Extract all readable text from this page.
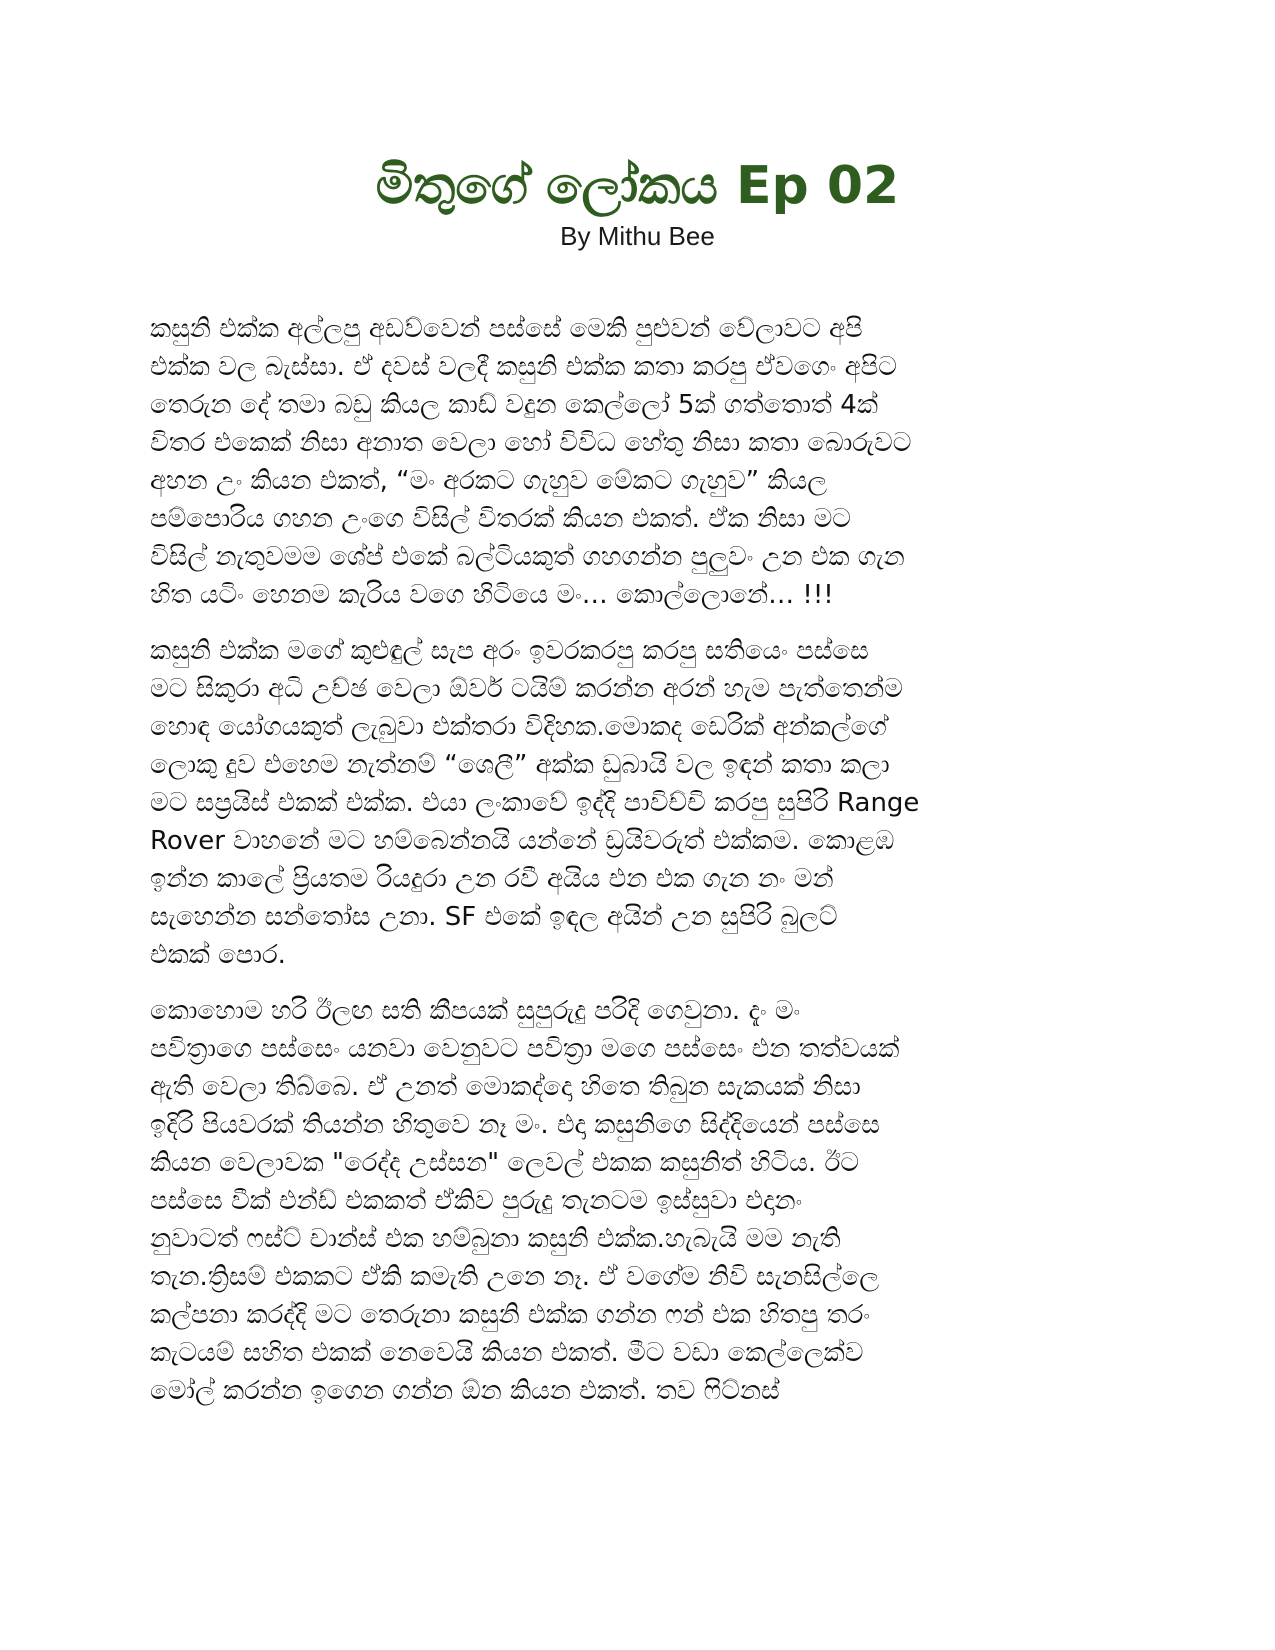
මිතුගේ ලෝකය Ep 02
By Mithu Bee
කසුනි එක්ක අල්ලපු අඩව්වෙන් පස්සේ මෙකි පුළුවන් වේලාවට අපි
එක්ක වල බැස්සා. ඒ දවස් වලදී කසුනි එක්ක කතා කරපු ඒවගෙං අපිට
තෙරුන දේ තමා බඩු කියල කාඩ් වදුන කෙල්ලෝ 5ක් ගත්තොත් 4ක්
විතර එකෙක් නිසා අනාත වෙලා හෝ විවිධ හේතු නිසා කතා බොරුවට
අහන උං කියන එකත්, “මං අරකට ගැහුව මේකට ගැහුව” කියල
පම්පොරිය ගහන උංගෙ විසිල් විතරක් කියන එකත්. ඒක නිසා මට
විසිල් නැතුවමම ශේප් එකේ බල්ටියකුත් ගහගන්න පුලුවං උන එක ගැන
හිත යටිං හෙනම කැරිය වගෙ හිටියෙ මං… කොල්ලොනේ… !!!
කසුනි එක්ක මගේ කුළුඳුල් සැප අරං ඉවරකරපු කරපු සතියෙං පස්සෙ
මට සිකුරා අධි උච්ඡ වෙලා ඕවර් ටයිම් කරන්න අරන් හැම පැත්තෙන්ම
හොඳ යෝගයකුත් ලැබුවා එක්තරා විදිහක.මොකද ඩෙරික් අන්කල්ගේ
ලොකු දුව එහෙම නැත්නම් “ශෙලී” අක්ක ඩුබායි වල ඉඳන් කතා කලා
මට සප්‍රයිස් එකක් එක්ක. එයා ලංකාවේ ඉද්දි පාවිච්චි කරපු සුපිරි Range
Rover වාහනේ මට හම්බෙන්නයි යන්නේ ඩ්‍රයිවරුත් එක්කම. කොළඹ
ඉන්න කාලේ ප්‍රියතම රියදුරා උන රවී අයිය එන එක ගැන නං මන්
සැහෙන්න සන්තෝස උනා. SF එකේ ඉඳල අයින් උන සුපිරි බුලට්
එකක් පොර.
කොහොම හරි ඊලඟ සති කීපයක් සුපුරුදු පරිදි ගෙවුනා. දැං මං
පවිත්‍රාගෙ පස්සෙං යනවා වෙනුවට පවිත්‍රා මගෙ පස්සෙං එන තත්වයක්
ඇති වෙලා තිබ්බෙ. ඒ උනත් මොකද්දො හිතෙ තිබුන සැකයක් නිසා
ඉදිරි පියවරක් තියන්න හිතුවෙ නෑ මං. එදා කසුනිගෙ සිද්දියෙන් පස්සෙ
කියන වෙලාවක "රෙද්ද උස්සන" ලෙවල් එකක කසුනිත් හිටිය. ඊට
පස්සෙ වීක් එන්ඩ් එකකත් ඒකිව පුරුදු තැනටම ඉස්සුවා එදානං
නුවාටත් ෆස්ට් චාන්ස් එක හම්බුනා කසුනි එක්ක.හැබැයි මම නැති
තැන.ත්‍රිසම් එකකට ඒකි කමැති උනෙ නෑ. ඒ වගේම නිවි සැනසිල්ලෙ
කල්පනා කරද්දි මට තෙරුනා කසුනි එක්ක ගන්න ෆන් එක හිතපු තරං
කැටයම් සහිත එකක් නෙවෙයි කියන එකත්. මීට වඩා කෙල්ලෙක්ව
මෝල් කරන්න ඉගෙන ගන්න ඕන කියන එකත්. තව ෆිට්නස්
